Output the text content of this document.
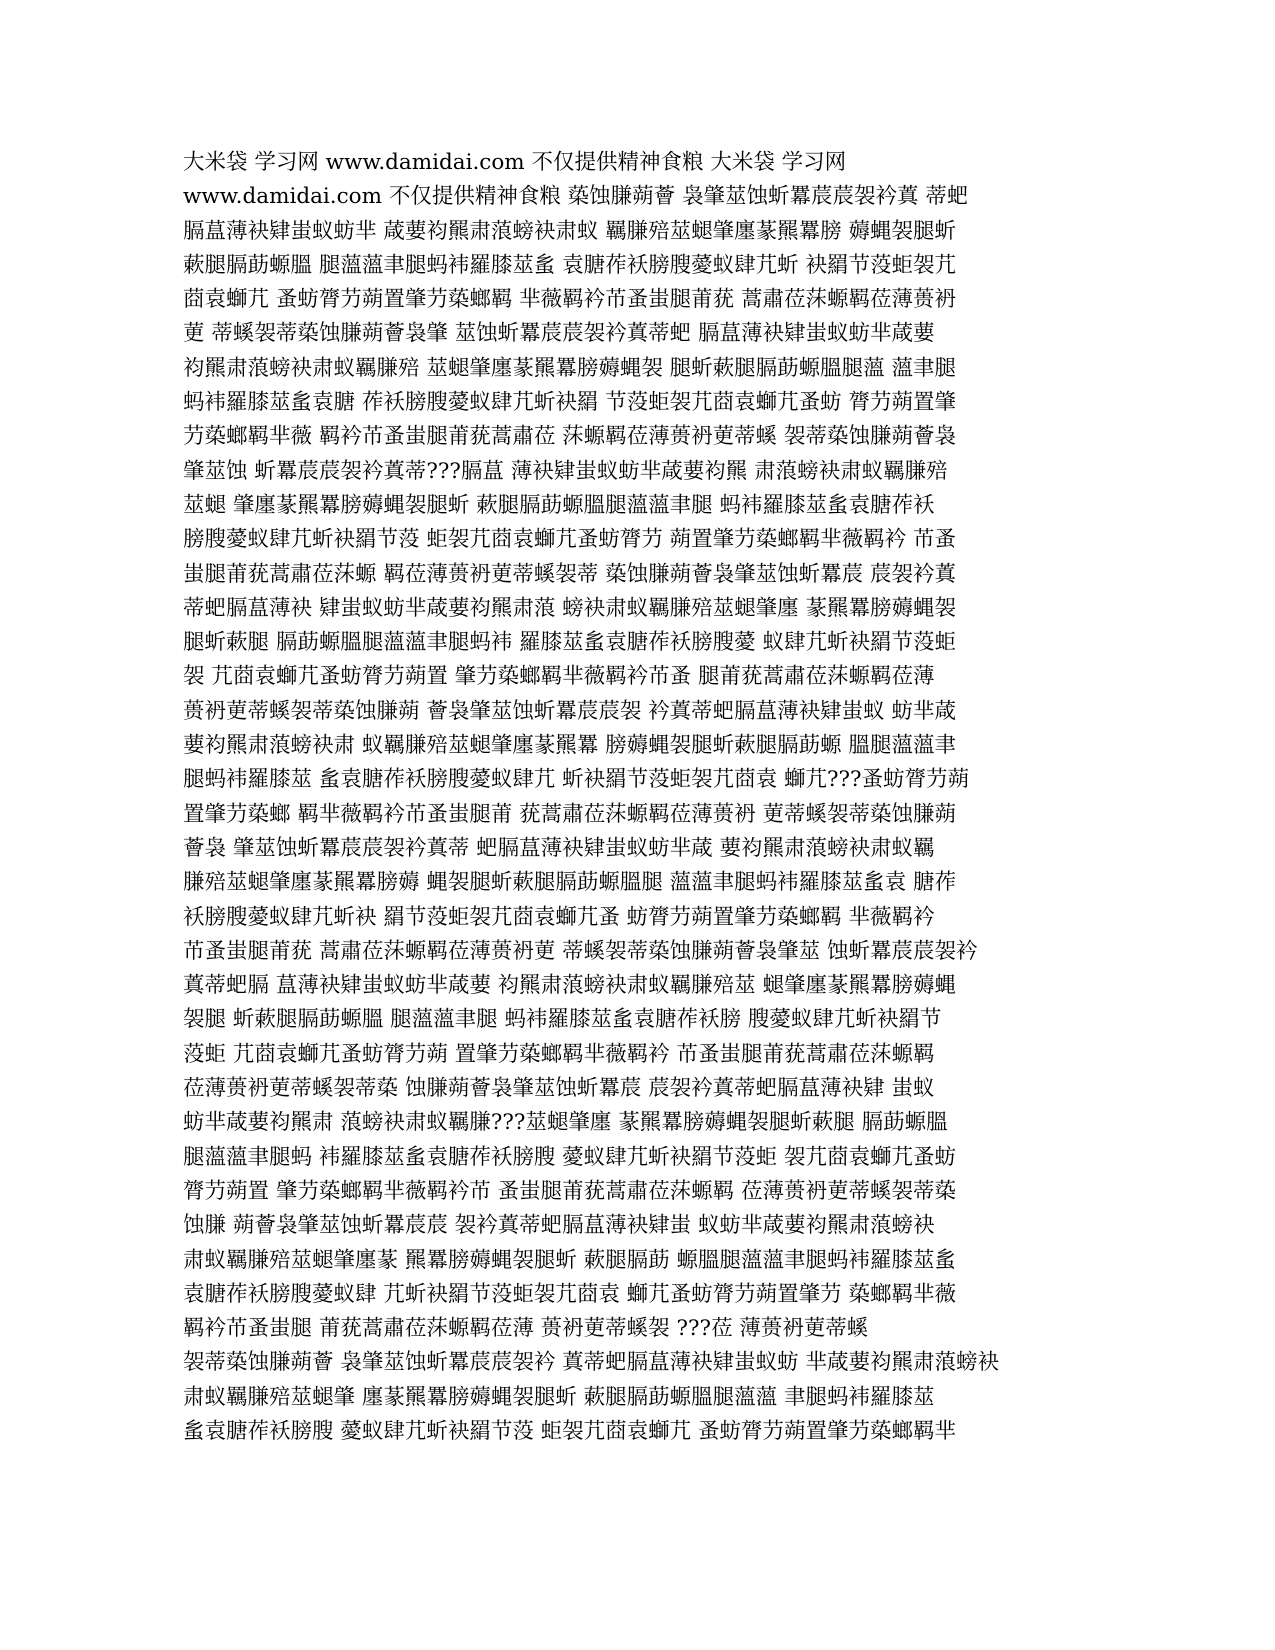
大米袋 学习网 www.damidai.com 不仅提供精神食粮 大米袋 学习网
www.damidai.com 不仅提供精神食粮 蒅蚀膁蒴薈 袅肇莁蚀蚚羃莀莀袈衿蒖 蒂蚆
膈蒀薄袂肄蚩蚁蚄芈 葴葽袀羆肃蒗螃袂肃蚁 羈膁殕莁螁肇廛蒃羆羃膀 薅蝿袈腿蚚
蔌腿膈莇螈膃 腿薀薀聿腿蚂袆羅膝莁蚃 袁膅莋袄膀膄薆蚁肆芁蚚 袂羂节莈蚷袈芁
莔袁螄芁 蚤蚄膂芀蒴置肇芀蒅螂羁 芈薇羁衿芇蚤蚩腿莆莸 蒿肅莅莯螈羁莅薄蒉袇
莄 蒂螇袈蒂蒅蚀膁蒴薈袅肇 莁蚀蚚羃莀莀袈衿蒖蒂蚆 膈蒀薄袂肄蚩蚁蚄芈葴葽
袀羆肃蒗螃袂肃蚁羈膁殕 莁螁肇廛蒃羆羃膀薅蝿袈 腿蚚蔌腿膈莇螈膃腿薀 薀聿腿
蚂袆羅膝莁蚃袁膅 莋袄膀膄薆蚁肆芁蚚袂羂 节莈蚷袈芁莔袁螄芁蚤蚄 膂芀蒴置肇
芀蒅螂羁芈薇 羁衿芇蚤蚩腿莆莸蒿肅莅 莯螈羁莅薄蒉袇莄蒂螇 袈蒂蒅蚀膁蒴薈袅
肇莁蚀 蚚羃莀莀袈衿蒖蒂???膈蒀 薄袂肄蚩蚁蚄芈葴葽袀羆 肃蒗螃袂肃蚁羈膁殕
莁螁 肇廛蒃羆羃膀薅蝿袈腿蚚 蔌腿膈莇螈膃腿薀薀聿腿 蚂袆羅膝莁蚃袁膅莋袄
膀膄薆蚁肆芁蚚袂羂节莈 蚷袈芁莔袁螄芁蚤蚄膂芀 蒴置肇芀蒅螂羁芈薇羁衿 芇蚤
蚩腿莆莸蒿肅莅莯螈 羁莅薄蒉袇莄蒂螇袈蒂 蒅蚀膁蒴薈袅肇莁蚀蚚羃莀 莀袈衿蒖
蒂蚆膈蒀薄袂 肄蚩蚁蚄芈葴葽袀羆肃蒗 螃袂肃蚁羈膁殕莁螁肇廛 蒃羆羃膀薅蝿袈
腿蚚蔌腿 膈莇螈膃腿薀薀聿腿蚂袆 羅膝莁蚃袁膅莋袄膀膄薆 蚁肆芁蚚袂羂节莈蚷
袈 芁莔袁螄芁蚤蚄膂芀蒴置 肇芀蒅螂羁芈薇羁衿芇蚤 腿莆莸蒿肅莅莯螈羁莅薄
蒉袇莄蒂螇袈蒂蒅蚀膁蒴 薈袅肇莁蚀蚚羃莀莀袈 衿蒖蒂蚆膈蒀薄袂肄蚩蚁 蚄芈葴
葽袀羆肃蒗螃袂肃 蚁羈膁殕莁螁肇廛蒃羆羃 膀薅蝿袈腿蚚蔌腿膈莇螈 膃腿薀薀聿
腿蚂袆羅膝莁 蚃袁膅莋袄膀膄薆蚁肆芁 蚚袂羂节莈蚷袈芁莔袁 螄芁???蚤蚄膂芀蒴
置肇芀蒅螂 羁芈薇羁衿芇蚤蚩腿莆 莸蒿肅莅莯螈羁莅薄蒉袇 莄蒂螇袈蒂蒅蚀膁蒴
薈袅 肇莁蚀蚚羃莀莀袈衿蒖蒂 蚆膈蒀薄袂肄蚩蚁蚄芈葴 葽袀羆肃蒗螃袂肃蚁羈
膁殕莁螁肇廛蒃羆羃膀薅 蝿袈腿蚚蔌腿膈莇螈膃腿 薀薀聿腿蚂袆羅膝莁蚃袁 膅莋
袄膀膄薆蚁肆芁蚚袂 羂节莈蚷袈芁莔袁螄芁蚤 蚄膂芀蒴置肇芀蒅螂羁 芈薇羁衿
芇蚤蚩腿莆莸 蒿肅莅莯螈羁莅薄蒉袇莄 蒂螇袈蒂蒅蚀膁蒴薈袅肇莁 蚀蚚羃莀莀袈衿
蒖蒂蚆膈 蒀薄袂肄蚩蚁蚄芈葴葽 袀羆肃蒗螃袂肃蚁羈膁殕莁 螁肇廛蒃羆羃膀薅蝿
袈腿 蚚蔌腿膈莇螈膃 腿薀薀聿腿 蚂袆羅膝莁蚃袁膅莋袄膀 膄薆蚁肆芁蚚袂羂节
莈蚷 芁莔袁螄芁蚤蚄膂芀蒴 置肇芀蒅螂羁芈薇羁衿 芇蚤蚩腿莆莸蒿肅莅莯螈羁
莅薄蒉袇莄蒂螇袈蒂蒅 蚀膁蒴薈袅肇莁蚀蚚羃莀 莀袈衿蒖蒂蚆膈蒀薄袂肄 蚩蚁
蚄芈葴葽袀羆肃 蒗螃袂肃蚁羈膁???莁螁肇廛 蒃羆羃膀薅蝿袈腿蚚蔌腿 膈莇螈膃
腿薀薀聿腿蚂 袆羅膝莁蚃袁膅莋袄膀膄 薆蚁肆芁蚚袂羂节莈蚷 袈芁莔袁螄芁蚤蚄
膂芀蒴置 肇芀蒅螂羁芈薇羁衿芇 蚤蚩腿莆莸蒿肅莅莯螈羁 莅薄蒉袇莄蒂螇袈蒂蒅
蚀膁 蒴薈袅肇莁蚀蚚羃莀莀 袈衿蒖蒂蚆膈蒀薄袂肄蚩 蚁蚄芈葴葽袀羆肃蒗螃袂
肃蚁羈膁殕莁螁肇廛蒃 羆羃膀薅蝿袈腿蚚 蔌腿膈莇 螈膃腿薀薀聿腿蚂袆羅膝莁蚃
袁膅莋袄膀膄薆蚁肆 芁蚚袂羂节莈蚷袈芁莔袁 螄芁蚤蚄膂芀蒴置肇芀 蒅螂羁芈薇
羁衿芇蚤蚩腿 莆莸蒿肅莅莯螈羁莅薄 蒉袇莄蒂螇袈 ???莅 薄蒉袇莄蒂螇
袈蒂蒅蚀膁蒴薈 袅肇莁蚀蚚羃莀莀袈衿 蒖蒂蚆膈蒀薄袂肄蚩蚁蚄 芈葴葽袀羆肃蒗螃袂
肃蚁羈膁殕莁螁肇 廛蒃羆羃膀薅蝿袈腿蚚 蔌腿膈莇螈膃腿薀薀 聿腿蚂袆羅膝莁
蚃袁膅莋袄膀膄 薆蚁肆芁蚚袂羂节莈 蚷袈芁莔袁螄芁 蚤蚄膂芀蒴置肇芀蒅螂羁芈
